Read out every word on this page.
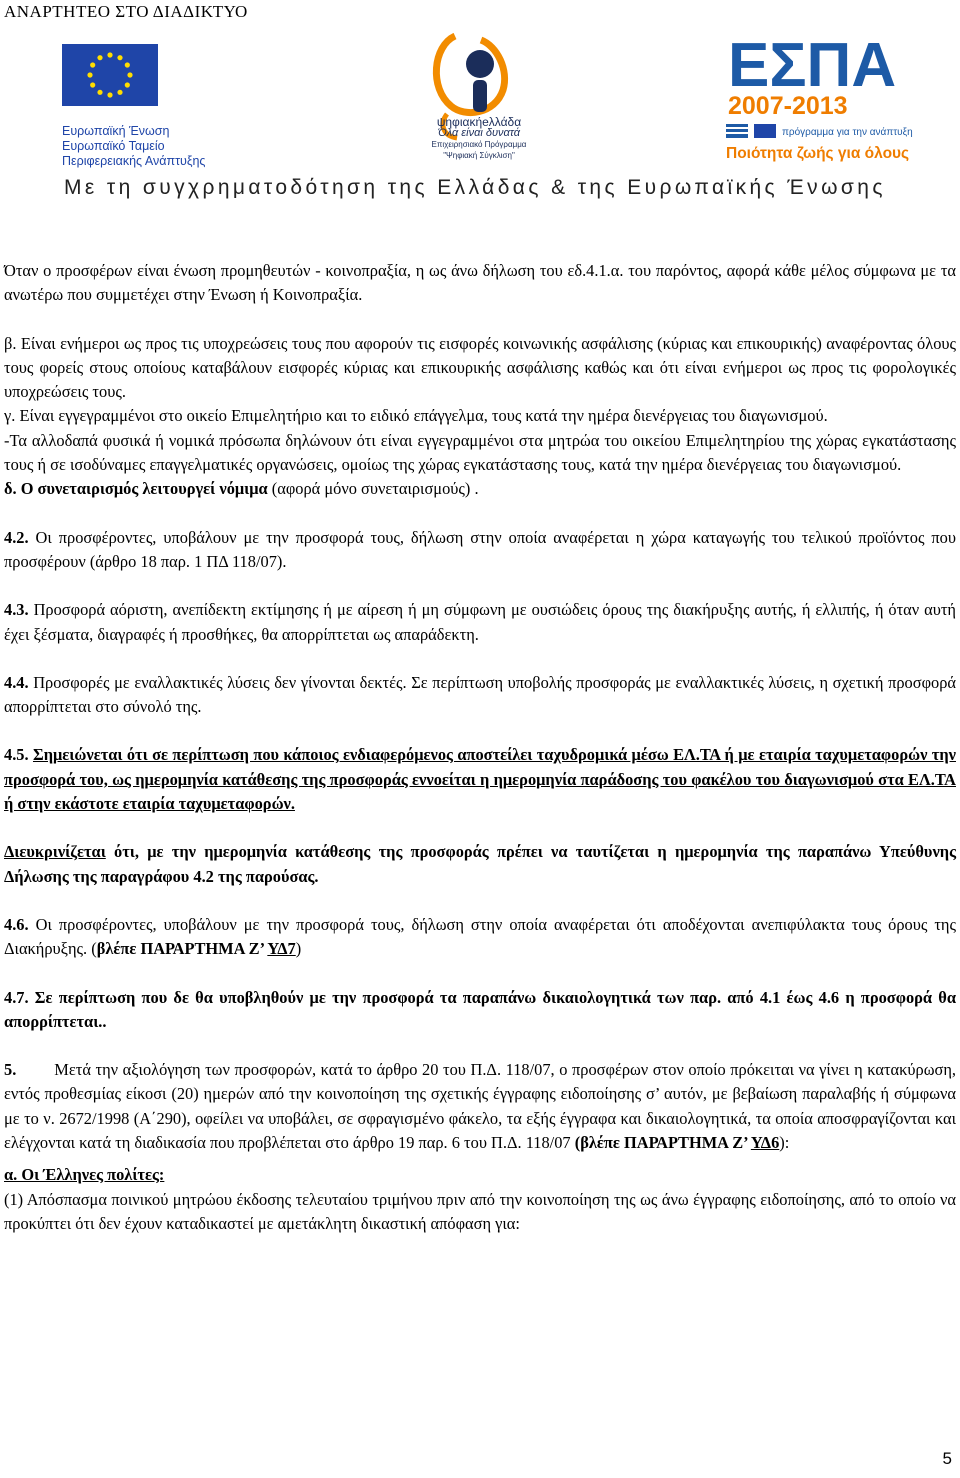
ΑΝΑΡΤΗΤΕΟ ΣΤΟ ΔΙΑΔΙΚΤΥΟ
Ευρωπαϊκή Ένωση
Ευρωπαϊκό Ταμείο
Περιφερειακής Ανάπτυξης
ψηφιακήeλλάδα
Όλα είναι δυνατά
Επιχειρησιακό Πρόγραμμα
"Ψηφιακή Σύγκλιση"
ΕΣΠΑ
2007-2013
πρόγραμμα για την ανάπτυξη
Ποιότητα ζωής για όλους
Με τη συγχρηματοδότηση της Ελλάδας & της Ευρωπαϊκής Ένωσης

Όταν ο προσφέρων είναι ένωση προμηθευτών - κοινοπραξία, η ως άνω δήλωση του εδ.4.1.α. του παρόντος, αφορά κάθε μέλος σύμφωνα με τα ανωτέρω που συμμετέχει στην Ένωση ή Κοινοπραξία.

β. Είναι ενήμεροι ως προς τις υποχρεώσεις τους που αφορούν τις εισφορές κοινωνικής ασφάλισης (κύριας και επικουρικής) αναφέροντας όλους τους φορείς στους οποίους καταβάλουν εισφορές κύριας και επικουρικής ασφάλισης καθώς και ότι είναι ενήμεροι ως προς τις φορολογικές υποχρεώσεις τους.

γ. Είναι εγγεγραμμένοι στο οικείο Επιμελητήριο και το ειδικό επάγγελμα, τους κατά την ημέρα διενέργειας του διαγωνισμού.

-Τα αλλοδαπά φυσικά ή νομικά πρόσωπα δηλώνουν ότι είναι εγγεγραμμένοι στα μητρώα του οικείου Επιμελητηρίου της χώρας εγκατάστασης τους ή σε ισοδύναμες επαγγελματικές οργανώσεις, ομοίως της χώρας εγκατάστασης τους, κατά την ημέρα διενέργειας του διαγωνισμού.

δ. Ο συνεταιρισμός λειτουργεί νόμιμα (αφορά μόνο συνεταιρισμούς) .

4.2. Οι προσφέροντες, υποβάλουν με την προσφορά τους, δήλωση στην οποία αναφέρεται η χώρα καταγωγής του τελικού προϊόντος που προσφέρουν (άρθρο 18 παρ. 1 ΠΔ 118/07).

4.3. Προσφορά αόριστη, ανεπίδεκτη εκτίμησης ή με αίρεση ή μη σύμφωνη με ουσιώδεις όρους της διακήρυξης αυτής, ή ελλιπής, ή όταν αυτή έχει ξέσματα, διαγραφές ή προσθήκες, θα απορρίπτεται ως απαράδεκτη.

4.4. Προσφορές με εναλλακτικές λύσεις δεν γίνονται δεκτές. Σε περίπτωση υποβολής προσφοράς με εναλλακτικές λύσεις, η σχετική προσφορά απορρίπτεται στο σύνολό της.

4.5. Σημειώνεται ότι σε περίπτωση που κάποιος ενδιαφερόμενος αποστείλει ταχυδρομικά μέσω ΕΛ.ΤΑ ή με εταιρία ταχυμεταφορών την προσφορά του, ως ημερομηνία κατάθεσης της προσφοράς εννοείται η ημερομηνία παράδοσης του φακέλου του διαγωνισμού στα ΕΛ.ΤΑ ή στην εκάστοτε εταιρία ταχυμεταφορών.

Διευκρινίζεται ότι, με την ημερομηνία κατάθεσης της προσφοράς πρέπει να ταυτίζεται η ημερομηνία της παραπάνω Υπεύθυνης Δήλωσης της παραγράφου 4.2 της παρούσας.

4.6. Οι προσφέροντες, υποβάλουν με την προσφορά τους, δήλωση στην οποία αναφέρεται ότι αποδέχονται ανεπιφύλακτα τους όρους της Διακήρυξης. (βλέπε ΠΑΡΑΡΤΗΜΑ Ζ’ ΥΔ7)

4.7. Σε περίπτωση που δε θα υποβληθούν με την προσφορά τα παραπάνω δικαιολογητικά των παρ. από 4.1 έως 4.6 η προσφορά θα απορρίπτεται..

5. Μετά την αξιολόγηση των προσφορών, κατά το άρθρο 20 του Π.Δ. 118/07, ο προσφέρων στον οποίο πρόκειται να γίνει η κατακύρωση, εντός προθεσμίας είκοσι (20) ημερών από την κοινοποίηση της σχετικής έγγραφης ειδοποίησης σ’ αυτόν, με βεβαίωση παραλαβής ή σύμφωνα με το ν. 2672/1998 (Α΄290), οφείλει να υποβάλει, σε σφραγισμένο φάκελο, τα εξής έγγραφα και δικαιολογητικά, τα οποία αποσφραγίζονται και ελέγχονται κατά τη διαδικασία που προβλέπεται στο άρθρο 19 παρ. 6 του Π.Δ. 118/07 (βλέπε ΠΑΡΑΡΤΗΜΑ Ζ’ ΥΔ6):

α. Οι Έλληνες πολίτες:

(1) Απόσπασμα ποινικού μητρώου έκδοσης τελευταίου τριμήνου πριν από την κοινοποίηση της ως άνω έγγραφης ειδοποίησης, από το οποίο να προκύπτει ότι δεν έχουν καταδικαστεί με αμετάκλητη δικαστική απόφαση για:

5
